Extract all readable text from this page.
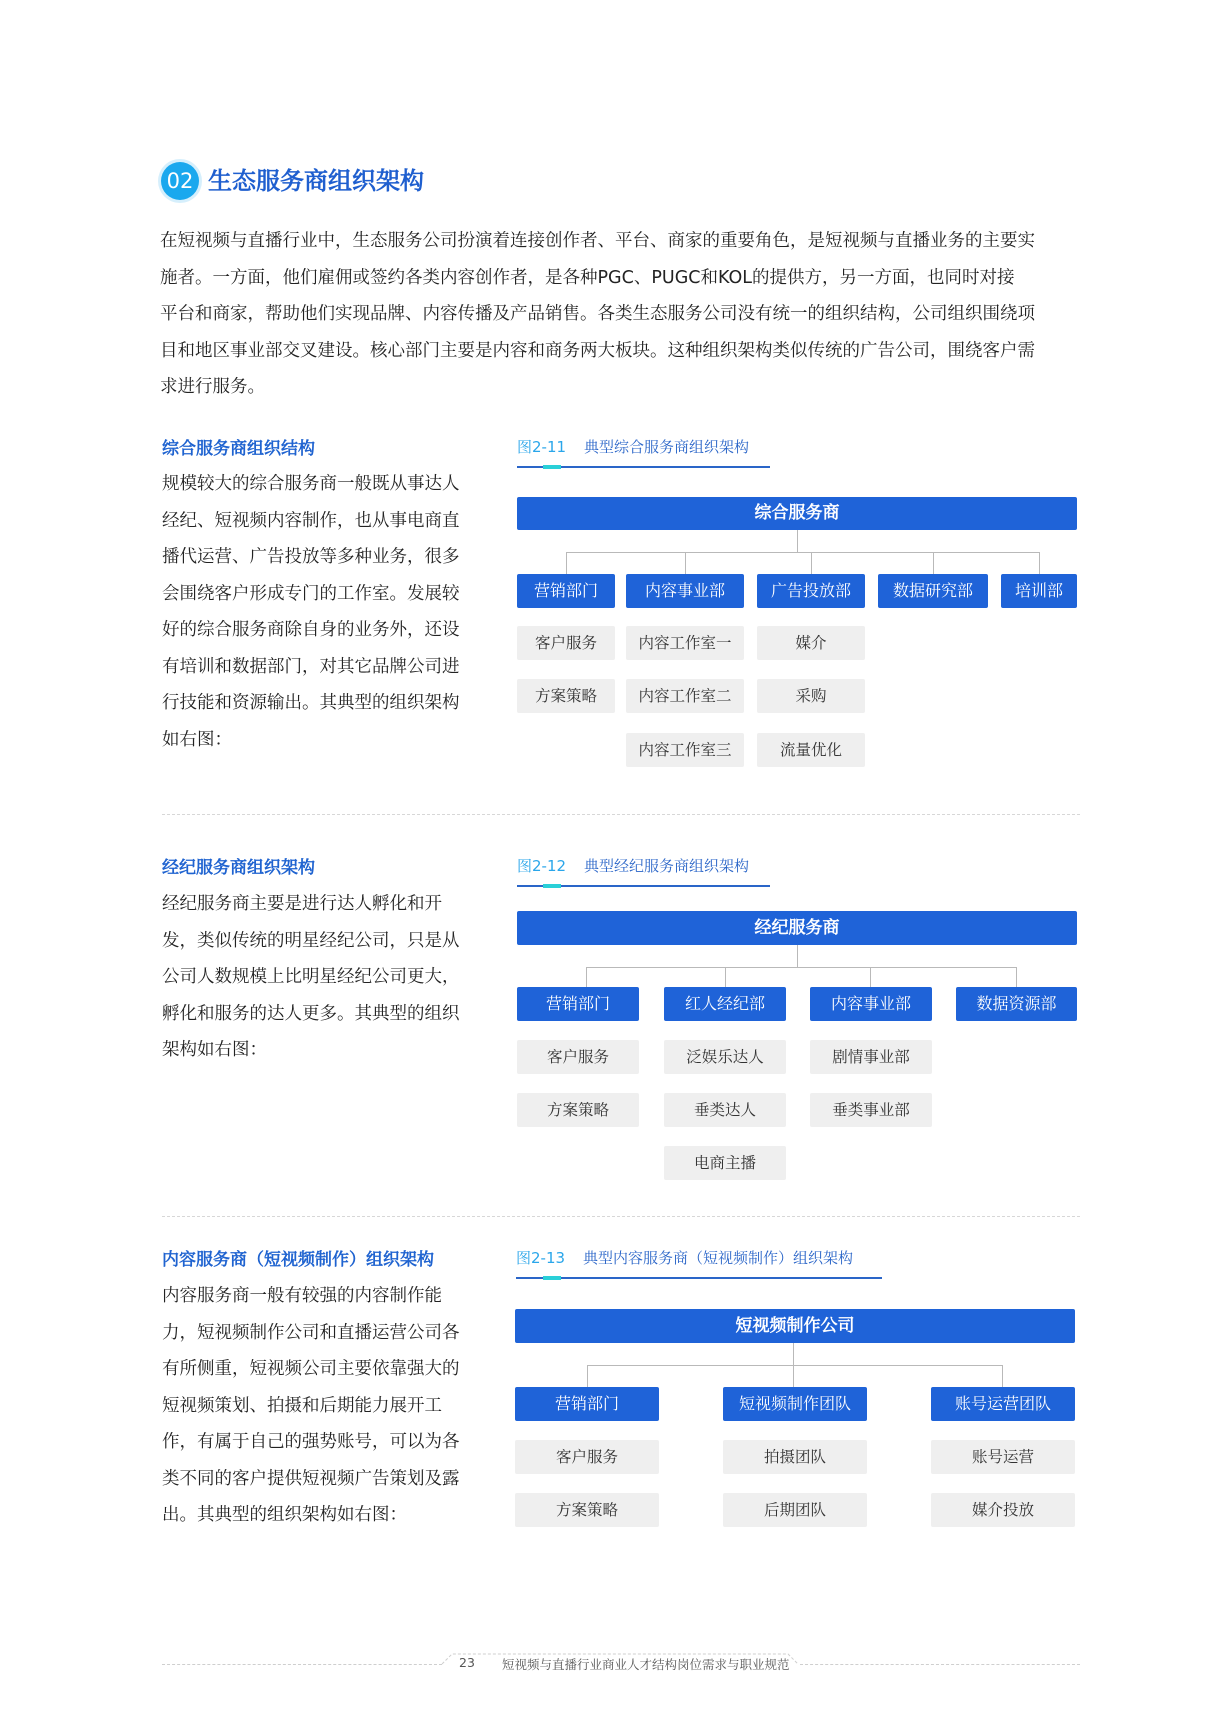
02 生态服务商组织架构
在短视频与直播行业中，生态服务公司扮演着连接创作者、平台、商家的重要角色，是短视频与直播业务的主要实
施者。一方面，他们雇佣或签约各类内容创作者，是各种PGC、PUGC和KOL的提供方，另一方面，也同时对接
平台和商家，帮助他们实现品牌、内容传播及产品销售。各类生态服务公司没有统一的组织结构，公司组织围绕项
目和地区事业部交叉建设。核心部门主要是内容和商务两大板块。这种组织架构类似传统的广告公司，围绕客户需
求进行服务。
综合服务商组织结构
规模较大的综合服务商一般既从事达人
经纪、短视频内容制作，也从事电商直
播代运营、广告投放等多种业务，很多
会围绕客户形成专门的工作室。发展较
好的综合服务商除自身的业务外，还设
有培训和数据部门，对其它品牌公司进
行技能和资源输出。其典型的组织架构
如右图：
图2-11 典型综合服务商组织架构
综合服务商
营销部门	内容事业部	广告投放部	数据研究部	培训部
客户服务
方案策略
内容工作室一
内容工作室二
内容工作室三
媒介
采购
流量优化
经纪服务商组织架构
经纪服务商主要是进行达人孵化和开
发，类似传统的明星经纪公司，只是从
公司人数规模上比明星经纪公司更大，
孵化和服务的达人更多。其典型的组织
架构如右图：
图2-12 典型经纪服务商组织架构
经纪服务商
营销部门	红人经纪部	内容事业部	数据资源部
客户服务
方案策略
泛娱乐达人
垂类达人
电商主播
剧情事业部
垂类事业部
内容服务商（短视频制作）组织架构
内容服务商一般有较强的内容制作能
力，短视频制作公司和直播运营公司各
有所侧重，短视频公司主要依靠强大的
短视频策划、拍摄和后期能力展开工
作，有属于自己的强势账号，可以为各
类不同的客户提供短视频广告策划及露
出。其典型的组织架构如右图：
图2-13 典型内容服务商（短视频制作）组织架构
短视频制作公司
营销部门	短视频制作团队	账号运营团队
客户服务
方案策略
拍摄团队
后期团队
账号运营
媒介投放
23 短视频与直播行业商业人才结构岗位需求与职业规范
